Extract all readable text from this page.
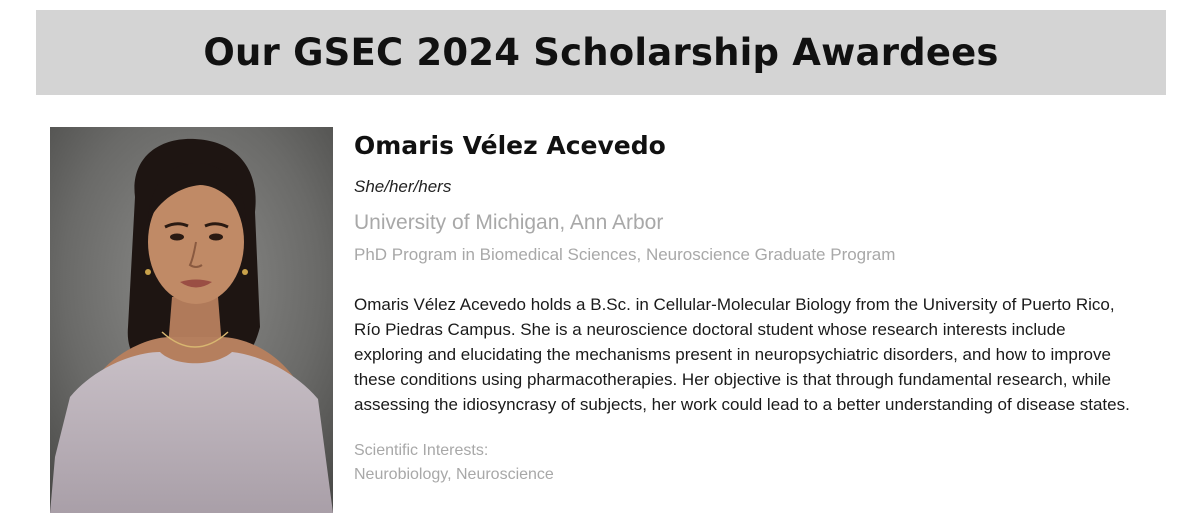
Our GSEC 2024 Scholarship Awardees
Omaris Vélez Acevedo
She/her/hers
University of Michigan, Ann Arbor
PhD Program in Biomedical Sciences, Neuroscience Graduate Program
Omaris Vélez Acevedo holds a B.Sc. in Cellular-Molecular Biology from the University of Puerto Rico, Río Piedras Campus. She is a neuroscience doctoral student whose research interests include exploring and elucidating the mechanisms present in neuropsychiatric disorders, and how to improve these conditions using pharmacotherapies. Her objective is that through fundamental research, while assessing the idiosyncrasy of subjects, her work could lead to a better understanding of disease states.
Scientific Interests:
Neurobiology, Neuroscience
